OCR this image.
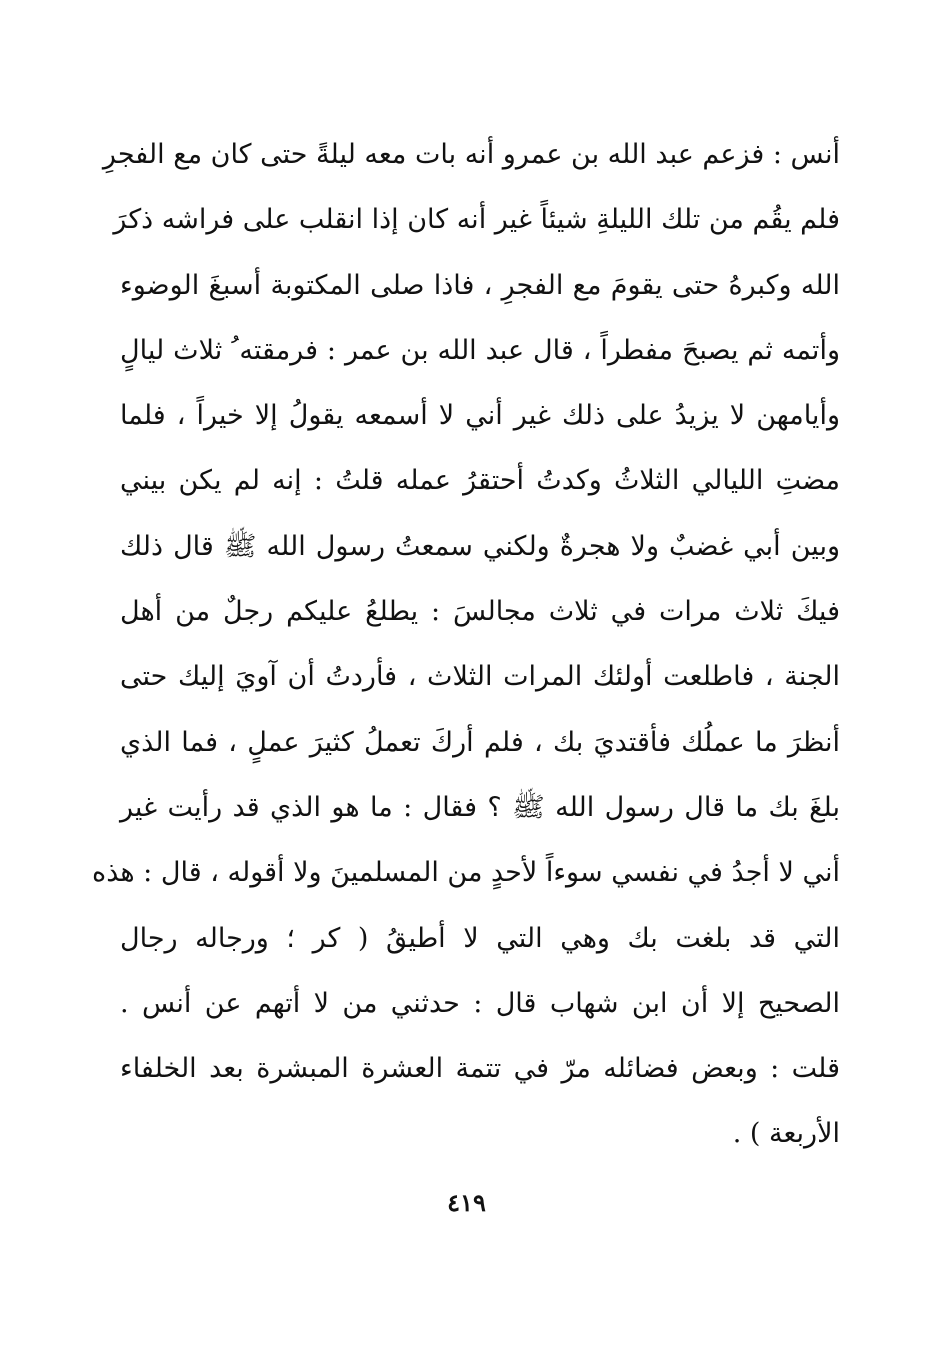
أنس : فزعم عبد الله بن عمرو أنه بات معه ليلةً حتى كان مع الفجرِ
فلم يقُم من تلك الليلةِ شيئاً غير أنه كان إذا انقلب على فراشه ذكرَ
الله وكبرهُ حتى يقومَ مع الفجرِ ، فاذا صلى المكتوبة أسبغَ الوضوء
وأتمه ثم يصبحَ مفطراً ، قال عبد الله بن عمر : فرمقته ُ ثلاث ليالٍ
وأيامهن لا يزيدُ على ذلك غير أني لا أسمعه يقولُ إلا خيراً ، فلما
مضتِ الليالي الثلاثُ وكدتُ أحتقرُ عمله قلتُ : إنه لم يكن بيني
وبين أبي غضبٌ ولا هجرةٌ ولكني سمعتُ رسول الله ﷺ قال ذلك
فيكَ ثلاث مرات في ثلاث مجالسَ : يطلعُ عليكم رجلٌ من أهل
الجنة ، فاطلعت أولئك المرات الثلاث ، فأردتُ أن آويَ إليك حتى
أنظرَ ما عملُك فأقتديَ بك ، فلم أركَ تعملُ كثيرَ عملٍ ، فما الذي
بلغَ بك ما قال رسول الله ﷺ ؟ فقال : ما هو الذي قد رأيت غير
أني لا أجدُ في نفسي سوءاً لأحدٍ من المسلمينَ ولا أقوله ، قال : هذه
التي قد بلغت بك وهي التي لا أطيقُ ( كر ؛ ورجاله رجال
الصحيح إلا أن ابن شهاب قال : حدثني من لا أتهم عن أنس .
قلت : وبعض فضائله مرّ في تتمة العشرة المبشرة بعد الخلفاء
الأربعة ) .
٤١٩
